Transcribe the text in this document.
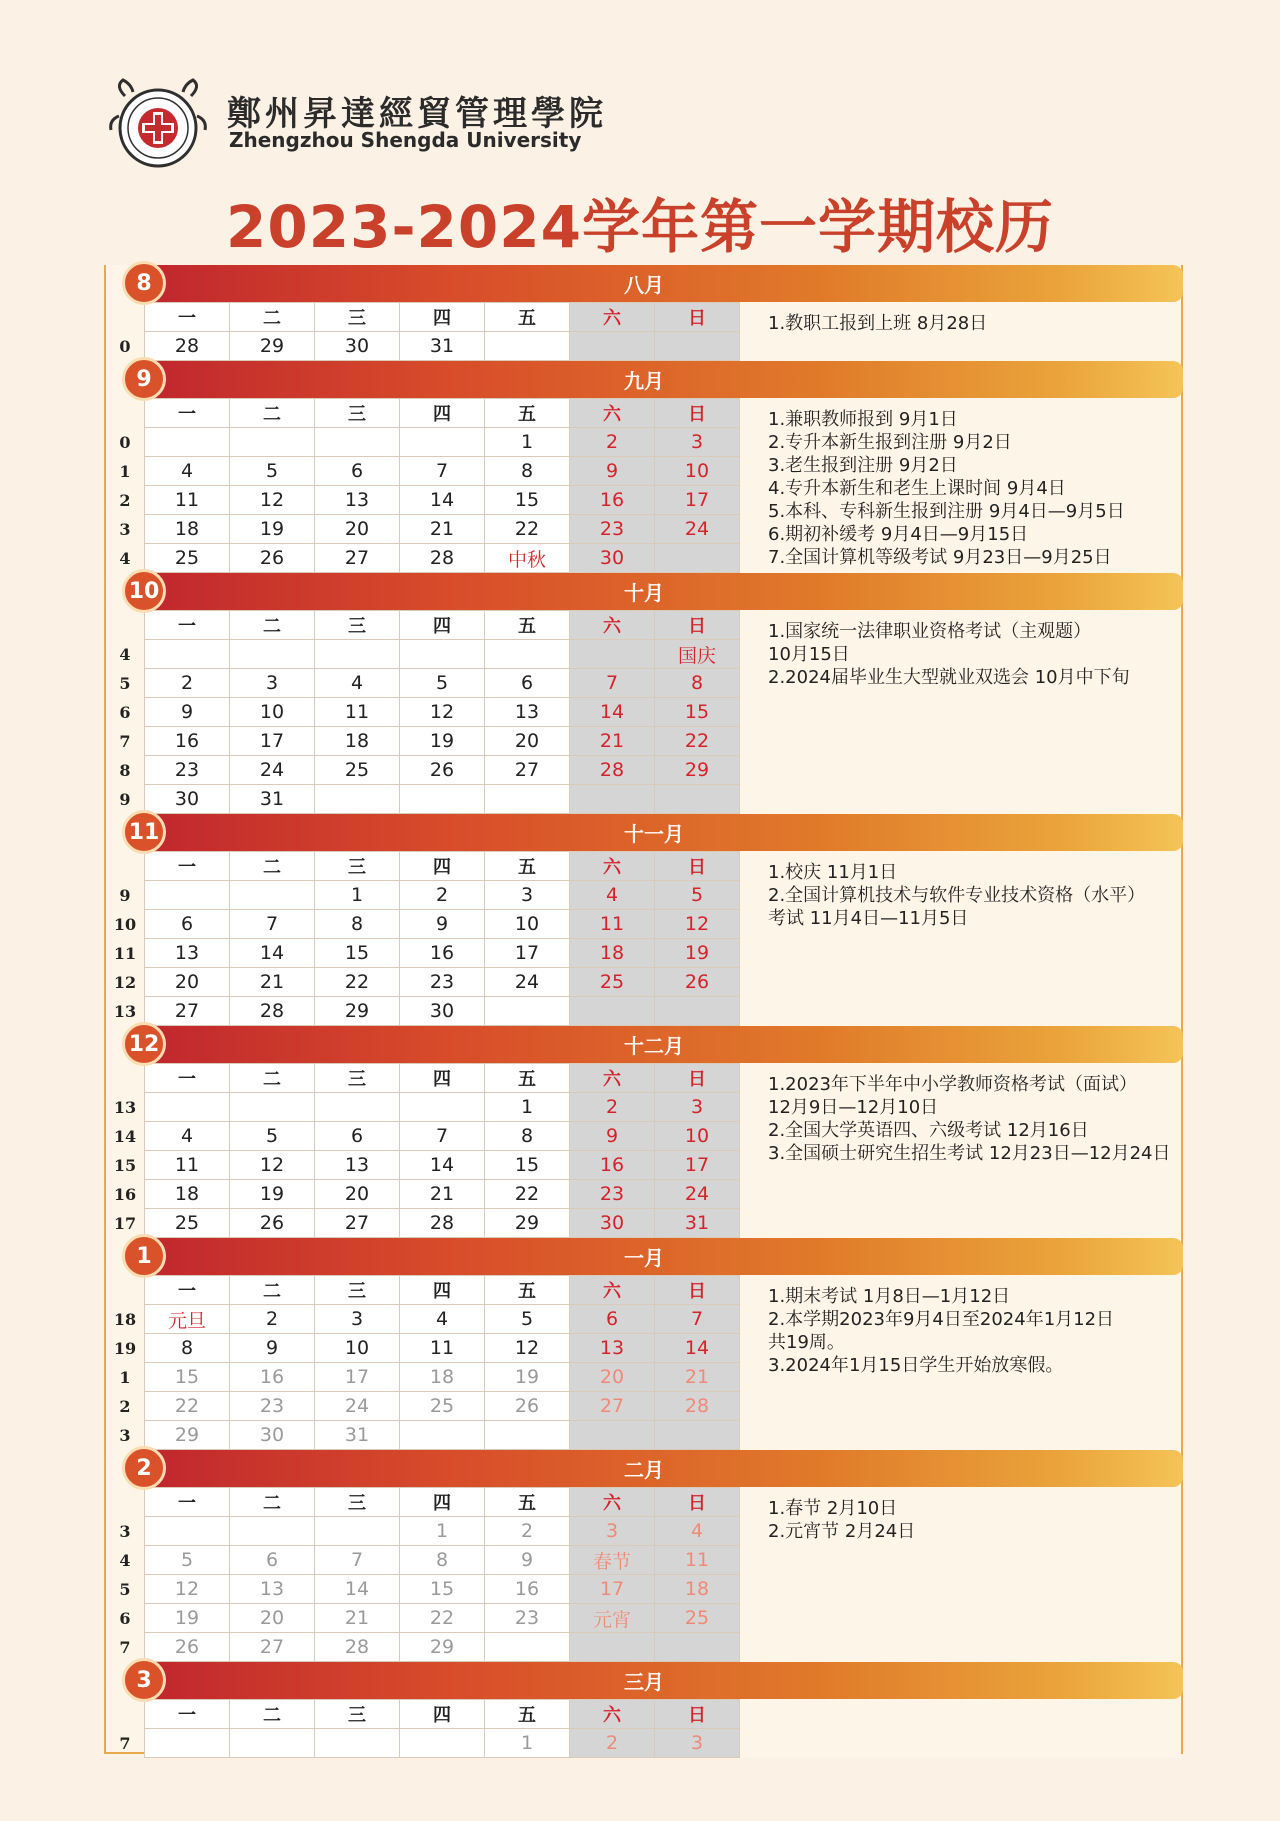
鄭州昇達經貿管理學院
Zhengzhou Shengda University
2023-2024学年第一学期校历
8	八月
	一	二	三	四	五	六	日
0	28	29	30	31			
1.教职工报到上班 8月28日
9	九月
	一	二	三	四	五	六	日
0					1	2	3
1	4	5	6	7	8	9	10
2	11	12	13	14	15	16	17
3	18	19	20	21	22	23	24
4	25	26	27	28	中秋	30	
1.兼职教师报到 9月1日
2.专升本新生报到注册 9月2日
3.老生报到注册 9月2日
4.专升本新生和老生上课时间 9月4日
5.本科、专科新生报到注册 9月4日—9月5日
6.期初补缓考 9月4日—9月15日
7.全国计算机等级考试 9月23日—9月25日
10	十月
	一	二	三	四	五	六	日
4							国庆
5	2	3	4	5	6	7	8
6	9	10	11	12	13	14	15
7	16	17	18	19	20	21	22
8	23	24	25	26	27	28	29
9	30	31					
1.国家统一法律职业资格考试（主观题）
10月15日
2.2024届毕业生大型就业双选会 10月中下旬
11	十一月
	一	二	三	四	五	六	日
9			1	2	3	4	5
10	6	7	8	9	10	11	12
11	13	14	15	16	17	18	19
12	20	21	22	23	24	25	26
13	27	28	29	30			
1.校庆 11月1日
2.全国计算机技术与软件专业技术资格（水平）
考试 11月4日—11月5日
12	十二月
	一	二	三	四	五	六	日
13					1	2	3
14	4	5	6	7	8	9	10
15	11	12	13	14	15	16	17
16	18	19	20	21	22	23	24
17	25	26	27	28	29	30	31
1.2023年下半年中小学教师资格考试（面试）
12月9日—12月10日
2.全国大学英语四、六级考试 12月16日
3.全国硕士研究生招生考试 12月23日—12月24日
1	一月
	一	二	三	四	五	六	日
18	元旦	2	3	4	5	6	7
19	8	9	10	11	12	13	14
1	15	16	17	18	19	20	21
2	22	23	24	25	26	27	28
3	29	30	31				
1.期末考试 1月8日—1月12日
2.本学期2023年9月4日至2024年1月12日
共19周。
3.2024年1月15日学生开始放寒假。
2	二月
	一	二	三	四	五	六	日
3				1	2	3	4
4	5	6	7	8	9	春节	11
5	12	13	14	15	16	17	18
6	19	20	21	22	23	元宵	25
7	26	27	28	29			
1.春节 2月10日
2.元宵节 2月24日
3	三月
	一	二	三	四	五	六	日
7					1	2	3
